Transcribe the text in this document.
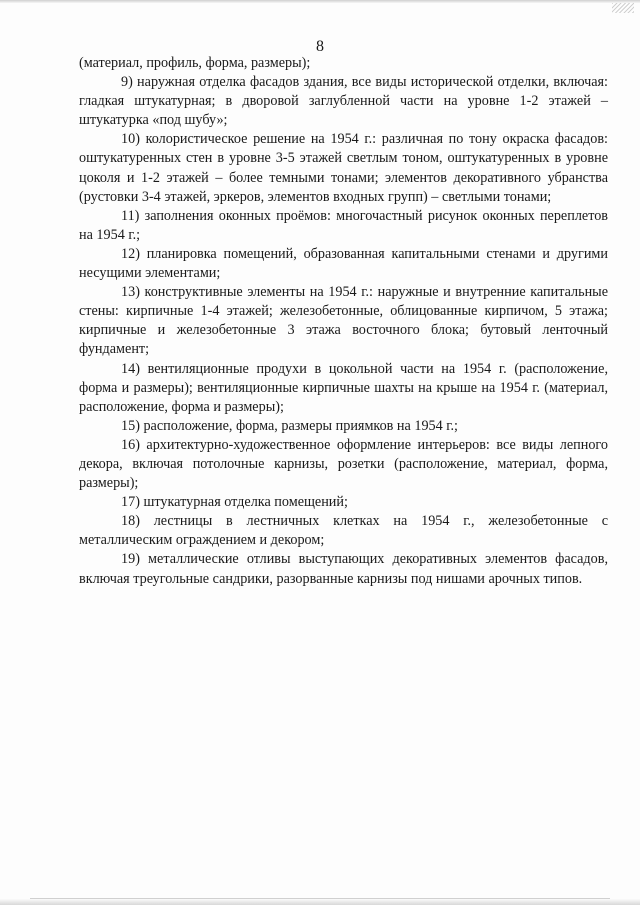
8

(материал, профиль, форма, размеры);

9) наружная отделка фасадов здания, все виды исторической отделки, включая: гладкая штукатурная; в дворовой заглубленной части на уровне 1-2 этажей – штукатурка «под шубу»;

10) колористическое решение на 1954 г.: различная по тону окраска фасадов: оштукатуренных стен в уровне 3-5 этажей светлым тоном, оштукатуренных в уровне цоколя и 1-2 этажей – более темными тонами; элементов декоративного убранства (рустовки 3-4 этажей, эркеров, элементов входных групп) – светлыми тонами;

11) заполнения оконных проёмов: многочастный рисунок оконных переплетов на 1954 г.;

12) планировка помещений, образованная капитальными стенами и другими несущими элементами;

13) конструктивные элементы на 1954 г.: наружные и внутренние капитальные стены: кирпичные 1-4 этажей; железобетонные, облицованные кирпичом, 5 этажа; кирпичные и железобетонные 3 этажа восточного блока; бутовый ленточный фундамент;

14) вентиляционные продухи в цокольной части на 1954 г. (расположение, форма и размеры); вентиляционные кирпичные шахты на крыше на 1954 г. (материал, расположение, форма и размеры);

15) расположение, форма, размеры приямков на 1954 г.;

16) архитектурно-художественное оформление интерьеров: все виды лепного декора, включая потолочные карнизы, розетки (расположение, материал, форма, размеры);

17) штукатурная отделка помещений;

18) лестницы в лестничных клетках на 1954 г., железобетонные с металлическим ограждением и декором;

19) металлические отливы выступающих декоративных элементов фасадов, включая треугольные сандрики, разорванные карнизы под нишами арочных типов.
